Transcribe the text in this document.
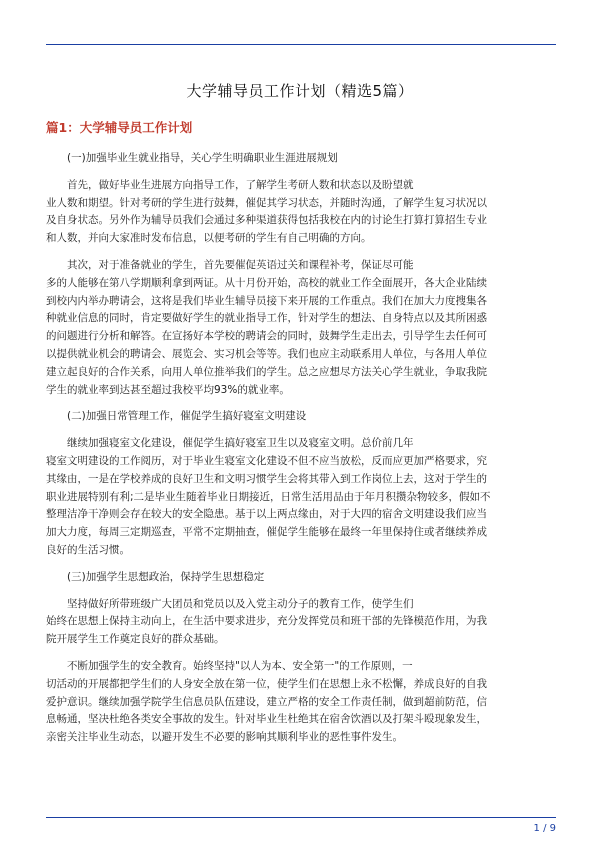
大学辅导员工作计划（精选5篇）
篇1：大学辅导员工作计划

(一)加强毕业生就业指导，关心学生明确职业生涯进展规划

首先，做好毕业生进展方向指导工作，了解学生考研人数和状态以及盼望就
业人数和期望。针对考研的学生进行鼓舞，催促其学习状态，并随时沟通，了解学生复习状况以
及自身状态。另外作为辅导员我们会通过多种渠道获得包括我校在内的讨论生打算打算招生专业
和人数，并向大家准时发布信息，以便考研的学生有自己明确的方向。

其次，对于准备就业的学生，首先要催促英语过关和课程补考，保证尽可能
多的人能够在第八学期顺利拿到两证。从十月份开始，高校的就业工作全面展开，各大企业陆续
到校内内举办聘请会，这将是我们毕业生辅导员接下来开展的工作重点。我们在加大力度搜集各
种就业信息的同时，肯定要做好学生的就业指导工作，针对学生的想法、自身特点以及其所困惑
的问题进行分析和解答。在宣扬好本学校的聘请会的同时，鼓舞学生走出去，引导学生去任何可
以提供就业机会的聘请会、展览会、实习机会等等。我们也应主动联系用人单位，与各用人单位
建立起良好的合作关系，向用人单位推举我们的学生。总之应想尽方法关心学生就业，争取我院
学生的就业率到达甚至超过我校平均93%的就业率。

(二)加强日常管理工作，催促学生搞好寝室文明建设

继续加强寝室文化建设，催促学生搞好寝室卫生以及寝室文明。总价前几年
寝室文明建设的工作阅历，对于毕业生寝室文化建设不但不应当放松，反而应更加严格要求，究
其缘由，一是在学校养成的良好卫生和文明习惯学生会将其带入到工作岗位上去，这对于学生的
职业进展特别有利;二是毕业生随着毕业日期接近，日常生活用品由于年月积攒杂物较多，假如不
整理洁净干净则会存在较大的安全隐患。基于以上两点缘由，对于大四的宿舍文明建设我们应当
加大力度，每周三定期巡查，平常不定期抽查，催促学生能够在最终一年里保持住或者继续养成
良好的生活习惯。

(三)加强学生思想政治，保持学生思想稳定

坚持做好所带班级广大团员和党员以及入党主动分子的教育工作，使学生们
始终在思想上保持主动向上，在生活中要求进步，充分发挥党员和班干部的先锋模范作用，为我
院开展学生工作奠定良好的群众基础。

不断加强学生的安全教育。始终坚持"以人为本、安全第一"的工作原则，一
切活动的开展都把学生们的人身安全放在第一位，使学生们在思想上永不松懈，养成良好的自我
爱护意识。继续加强学院学生信息员队伍建设，建立严格的安全工作责任制，做到超前防范，信
息畅通，坚决杜绝各类安全事故的发生。针对毕业生杜绝其在宿舍饮酒以及打架斗殴现象发生，
亲密关注毕业生动态，以避开发生不必要的影响其顺利毕业的恶性事件发生。

1 / 9
